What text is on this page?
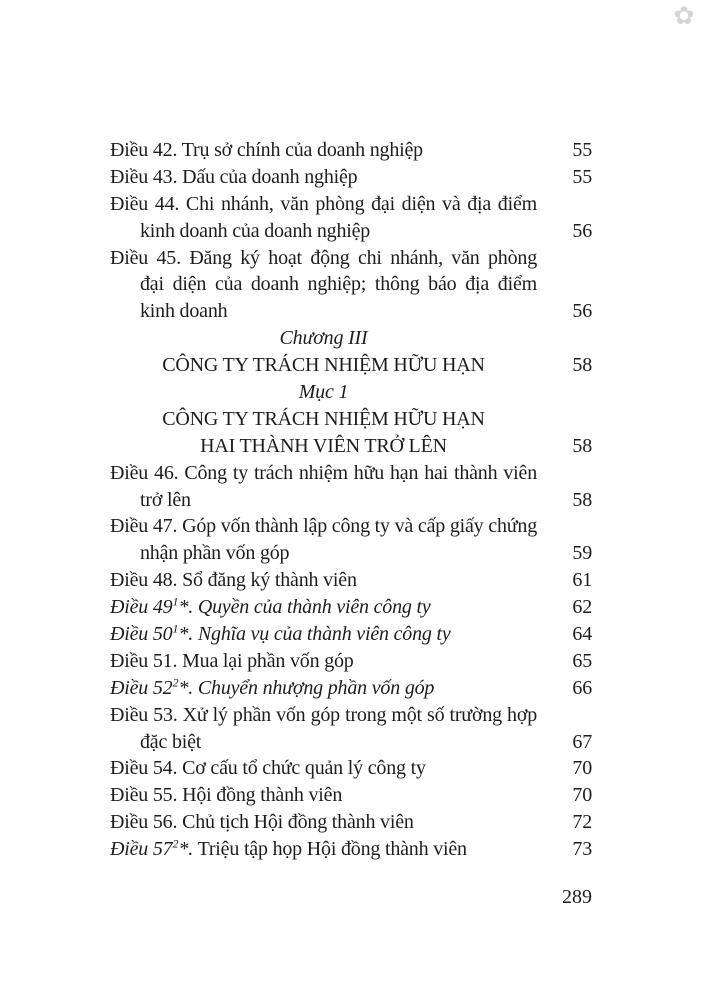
✿
Điều 42. Trụ sở chính của doanh nghiệp	55
Điều 43. Dấu của doanh nghiệp	55
Điều 44. Chi nhánh, văn phòng đại diện và địa điểm
kinh doanh của doanh nghiệp	56
Điều 45. Đăng ký hoạt động chi nhánh, văn phòng
đại diện của doanh nghiệp; thông báo địa điểm
kinh doanh	56
Chương III
CÔNG TY TRÁCH NHIỆM HỮU HẠN	58
Mục 1
CÔNG TY TRÁCH NHIỆM HỮU HẠN
HAI THÀNH VIÊN TRỞ LÊN	58
Điều 46. Công ty trách nhiệm hữu hạn hai thành viên
trở lên	58
Điều 47. Góp vốn thành lập công ty và cấp giấy chứng
nhận phần vốn góp	59
Điều 48. Sổ đăng ký thành viên	61
Điều $49^1*$. Quyền của thành viên công ty	62
Điều $50^1*$. Nghĩa vụ của thành viên công ty	64
Điều 51. Mua lại phần vốn góp	65
Điều $52^2*$. Chuyển nhượng phần vốn góp	66
Điều 53. Xử lý phần vốn góp trong một số trường hợp
đặc biệt	67
Điều 54. Cơ cấu tổ chức quản lý công ty	70
Điều 55. Hội đồng thành viên	70
Điều 56. Chủ tịch Hội đồng thành viên	72
Điều $57^2*$. Triệu tập họp Hội đồng thành viên	73
289
